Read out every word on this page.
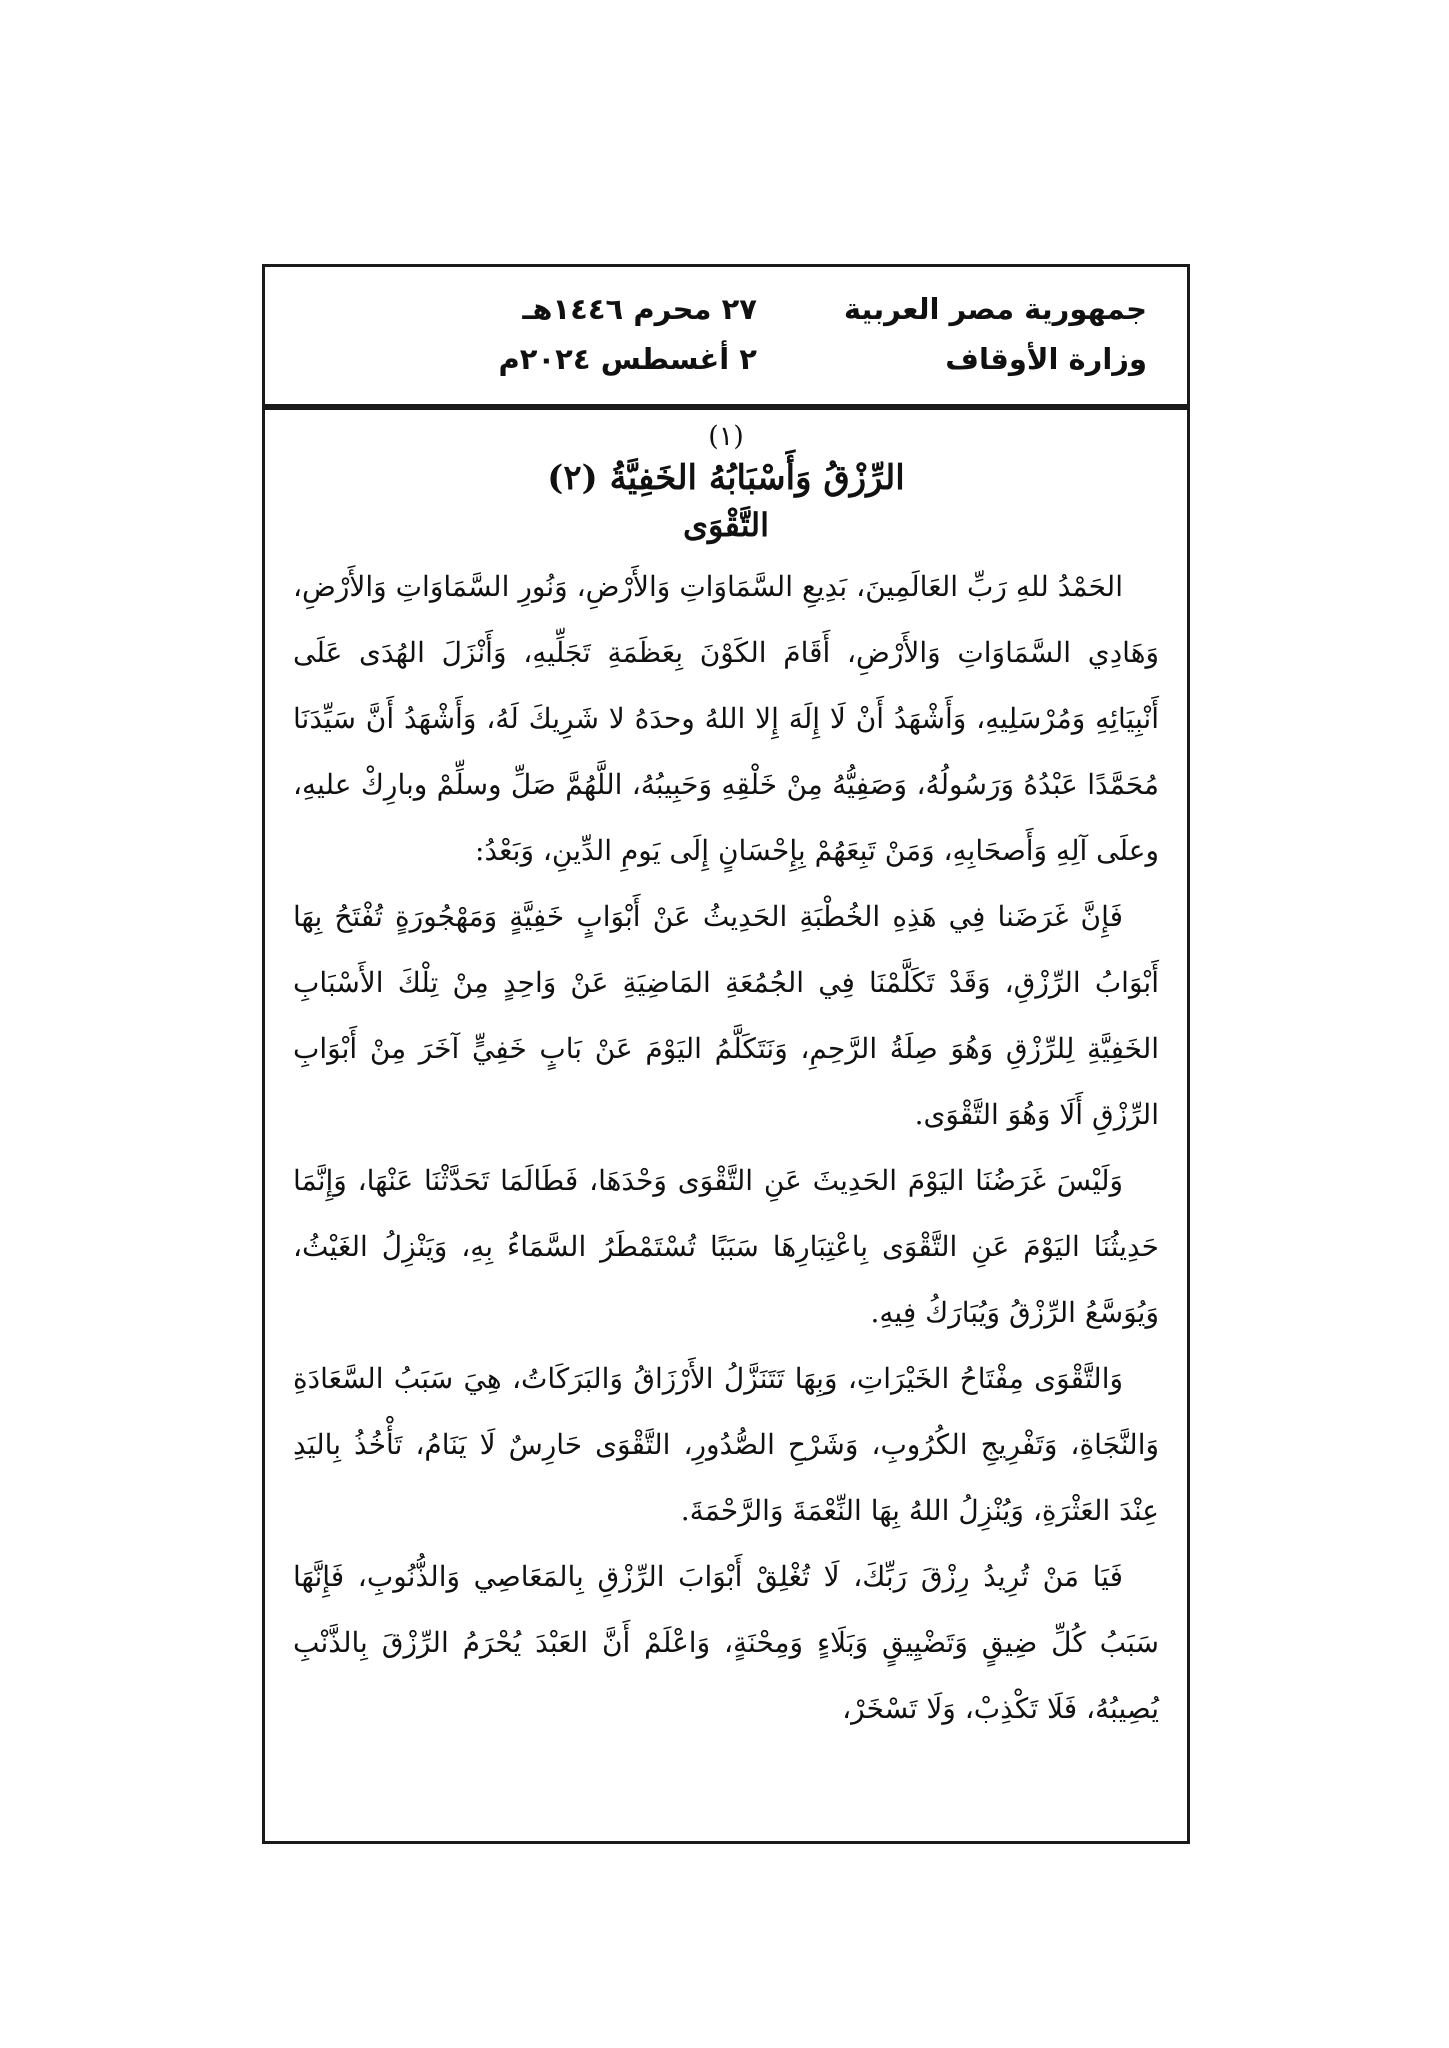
جمهورية مصر العربية
وزارة الأوقاف
٢٧ محرم ١٤٤٦هـ
٢ أغسطس ٢٠٢٤م
(١)
الرِّزْقُ وَأَسْبَابُهُ الخَفِيَّةُ (٢)
التَّقْوَى

الحَمْدُ للهِ رَبِّ العَالَمِينَ، بَدِيعِ السَّمَاوَاتِ وَالأَرْضِ، وَنُورِ السَّمَاوَاتِ وَالأَرْضِ، وَهَادِي السَّمَاوَاتِ وَالأَرْضِ، أَقَامَ الكَوْنَ بِعَظَمَةِ تَجَلِّيهِ، وَأَنْزَلَ الهُدَى عَلَى أَنْبِيَائِهِ وَمُرْسَلِيهِ، وَأَشْهَدُ أَنْ لَا إِلَهَ إِلا اللهُ وحدَهُ لا شَرِيكَ لَهُ، وَأَشْهَدُ أَنَّ سَيِّدَنَا مُحَمَّدًا عَبْدُهُ وَرَسُولُهُ، وَصَفِيُّهُ مِنْ خَلْقِهِ وَحَبِيبُهُ، اللَّهُمَّ صَلِّ وسلِّمْ وبارِكْ عليهِ، وعلَى آلِهِ وَأَصحَابِهِ، وَمَنْ تَبِعَهُمْ بِإِحْسَانٍ إِلَى يَومِ الدِّينِ، وَبَعْدُ:

فَإِنَّ غَرَضَنا فِي هَذِهِ الخُطْبَةِ الحَدِيثُ عَنْ أَبْوَابٍ خَفِيَّةٍ وَمَهْجُورَةٍ تُفْتَحُ بِهَا أَبْوَابُ الرِّزْقِ، وَقَدْ تَكَلَّمْنَا فِي الجُمُعَةِ المَاضِيَةِ عَنْ وَاحِدٍ مِنْ تِلْكَ الأَسْبَابِ الخَفِيَّةِ لِلرِّزْقِ وَهُوَ صِلَةُ الرَّحِمِ، وَنَتَكَلَّمُ اليَوْمَ عَنْ بَابٍ خَفِيٍّ آخَرَ مِنْ أَبْوَابِ الرِّزْقِ أَلَا وَهُوَ التَّقْوَى.

وَلَيْسَ غَرَضُنَا اليَوْمَ الحَدِيثَ عَنِ التَّقْوَى وَحْدَهَا، فَطَالَمَا تَحَدَّثْنَا عَنْهَا، وَإِنَّمَا حَدِيثُنَا اليَوْمَ عَنِ التَّقْوَى بِاعْتِبَارِهَا سَبَبًا تُسْتَمْطَرُ السَّمَاءُ بِهِ، وَيَنْزِلُ الغَيْثُ، وَيُوَسَّعُ الرِّزْقُ وَيُبَارَكُ فِيهِ.

وَالتَّقْوَى مِفْتَاحُ الخَيْرَاتِ، وَبِهَا تَتَنَزَّلُ الأَرْزَاقُ وَالبَرَكَاتُ، هِيَ سَبَبُ السَّعَادَةِ وَالنَّجَاةِ، وَتَفْرِيجِ الكُرُوبِ، وَشَرْحِ الصُّدُورِ، التَّقْوَى حَارِسٌ لَا يَنَامُ، تَأْخُذُ بِاليَدِ عِنْدَ العَثْرَةِ، وَيُنْزِلُ اللهُ بِهَا النِّعْمَةَ وَالرَّحْمَةَ.

فَيَا مَنْ تُرِيدُ رِزْقَ رَبِّكَ، لَا تُغْلِقْ أَبْوَابَ الرِّزْقِ بِالمَعَاصِي وَالذُّنُوبِ، فَإِنَّهَا سَبَبُ كُلِّ ضِيقٍ وَتَضْيِيقٍ وَبَلَاءٍ وَمِحْنَةٍ، وَاعْلَمْ أَنَّ العَبْدَ يُحْرَمُ الرِّزْقَ بِالذَّنْبِ يُصِيبُهُ، فَلَا تَكْذِبْ، وَلَا تَسْخَرْ،
